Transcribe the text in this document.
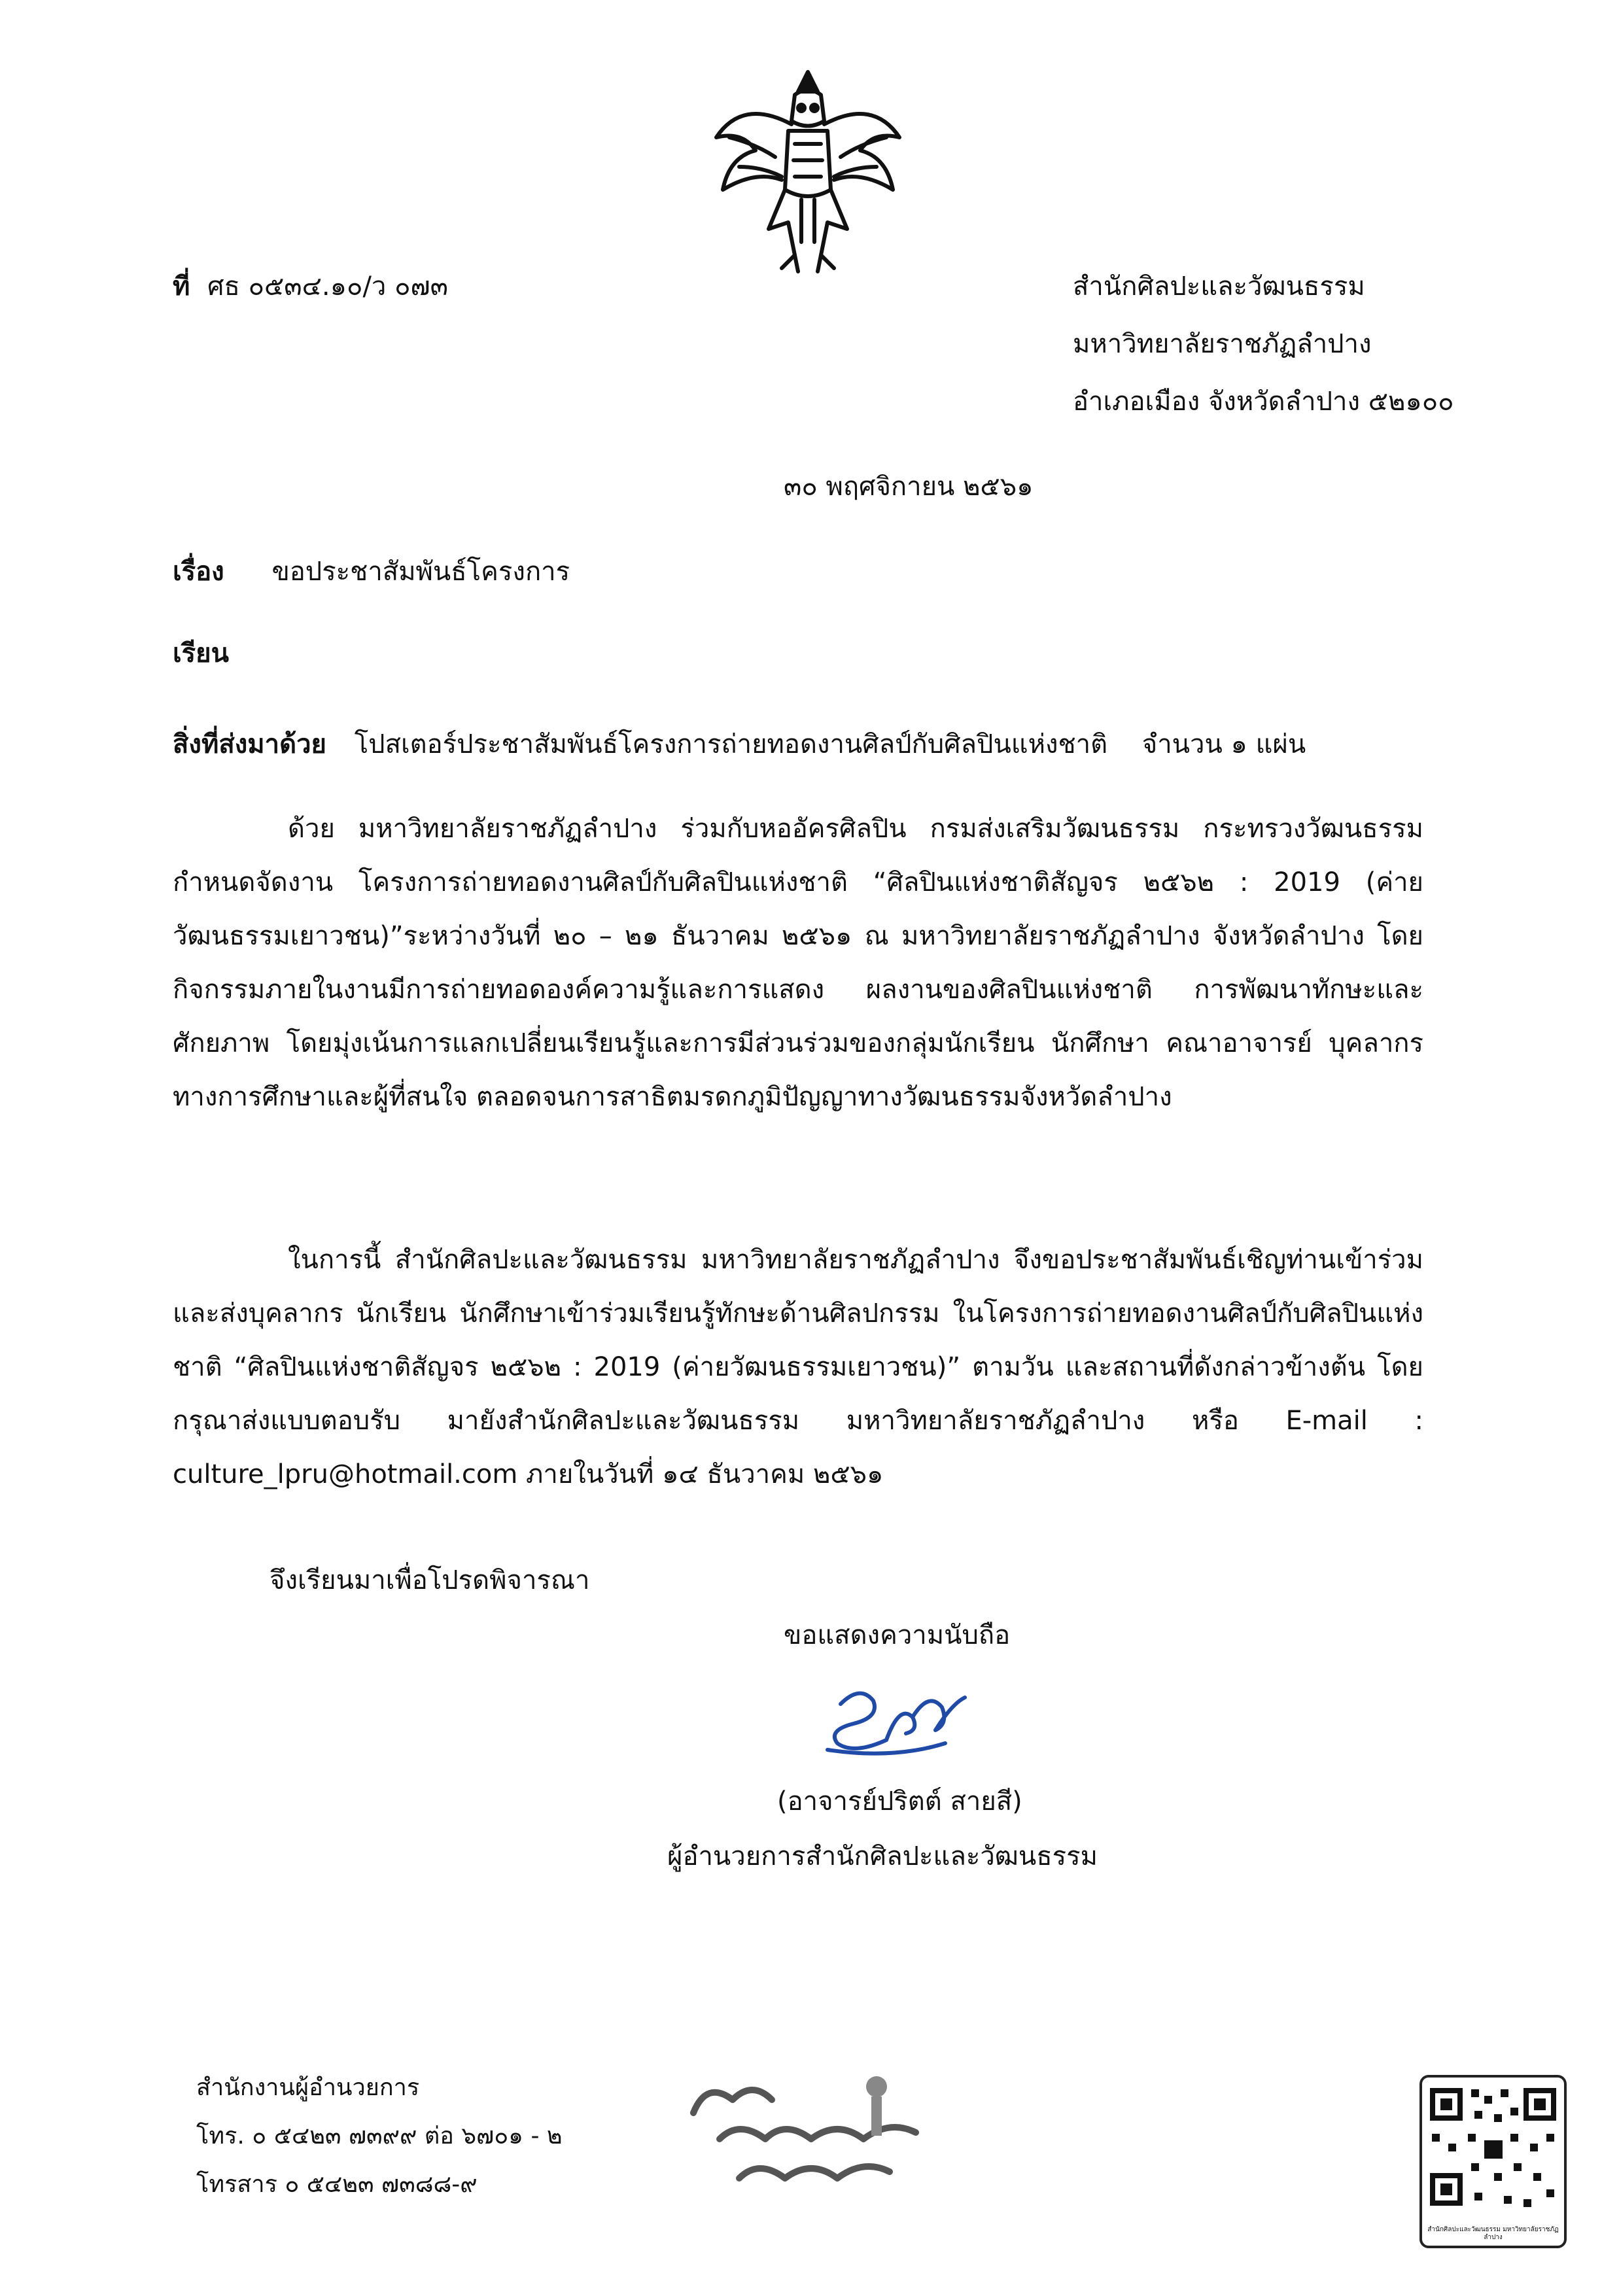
ที่ ศธ ๐๕๓๔.๑๐/ว ๐๗๓	สำนักศิลปะและวัฒนธรรม
มหาวิทยาลัยราชภัฏลำปาง
อำเภอเมือง จังหวัดลำปาง ๕๒๑๐๐
๓๐ พฤศจิกายน ๒๕๖๑
เรื่อง ขอประชาสัมพันธ์โครงการ
เรียน
สิ่งที่ส่งมาด้วย โปสเตอร์ประชาสัมพันธ์โครงการถ่ายทอดงานศิลป์กับศิลปินแห่งชาติ จำนวน ๑ แผ่น
ด้วย มหาวิทยาลัยราชภัฏลำปาง ร่วมกับหออัครศิลปิน กรมส่งเสริมวัฒนธรรม กระทรวงวัฒนธรรม กำหนดจัดงาน โครงการถ่ายทอดงานศิลป์กับศิลปินแห่งชาติ “ศิลปินแห่งชาติสัญจร ๒๕๖๒ : 2019 (ค่ายวัฒนธรรมเยาวชน)”ระหว่างวันที่ ๒๐ – ๒๑ ธันวาคม ๒๕๖๑ ณ มหาวิทยาลัยราชภัฏลำปาง จังหวัดลำปาง โดยกิจกรรมภายในงานมีการถ่ายทอดองค์ความรู้และการแสดง ผลงานของศิลปินแห่งชาติ การพัฒนาทักษะและศักยภาพ โดยมุ่งเน้นการแลกเปลี่ยนเรียนรู้และการมีส่วนร่วมของกลุ่มนักเรียน นักศึกษา คณาอาจารย์ บุคลากรทางการศึกษาและผู้ที่สนใจ ตลอดจนการสาธิตมรดกภูมิปัญญาทางวัฒนธรรมจังหวัดลำปาง
ในการนี้ สำนักศิลปะและวัฒนธรรม มหาวิทยาลัยราชภัฏลำปาง จึงขอประชาสัมพันธ์เชิญท่านเข้าร่วม และส่งบุคลากร นักเรียน นักศึกษาเข้าร่วมเรียนรู้ทักษะด้านศิลปกรรม ในโครงการถ่ายทอดงานศิลป์กับศิลปินแห่งชาติ “ศิลปินแห่งชาติสัญจร ๒๕๖๒ : 2019 (ค่ายวัฒนธรรมเยาวชน)” ตามวัน และสถานที่ดังกล่าวข้างต้น โดยกรุณาส่งแบบตอบรับ มายังสำนักศิลปะและวัฒนธรรม มหาวิทยาลัยราชภัฏลำปาง หรือ E-mail : culture_lpru@hotmail.com ภายในวันที่ ๑๔ ธันวาคม ๒๕๖๑
จึงเรียนมาเพื่อโปรดพิจารณา
ขอแสดงความนับถือ
(อาจารย์ปริตต์ สายสี)
ผู้อำนวยการสำนักศิลปะและวัฒนธรรม
สำนักงานผู้อำนวยการ
โทร. ๐ ๕๔๒๓ ๗๓๙๙ ต่อ ๖๗๐๑ - ๒
โทรสาร ๐ ๕๔๒๓ ๗๓๘๘-๙
สำนักศิลปะและวัฒนธรรม มหาวิทยาลัยราชภัฏลำปาง
